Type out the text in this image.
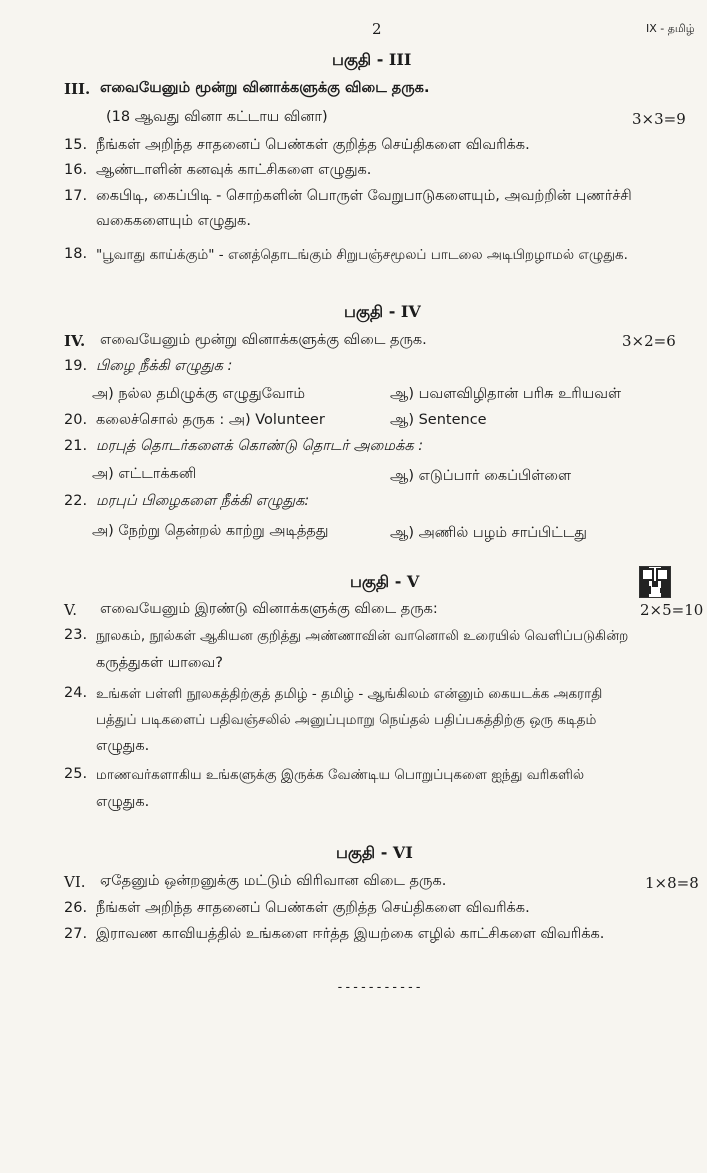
2	IX - தமிழ்
பகுதி - III
III. எவையேனும் மூன்று வினாக்களுக்கு விடை தருக.
(18 ஆவது வினா கட்டாய வினா)	3×3=9
15. நீங்கள் அறிந்த சாதனைப் பெண்கள் குறித்த செய்திகளை விவரிக்க.
16. ஆண்டாளின் கனவுக் காட்சிகளை எழுதுக.
17. கைபிடி, கைப்பிடி - சொற்களின் பொருள் வேறுபாடுகளையும், அவற்றின் புணர்ச்சி
வகைகளையும் எழுதுக.
18. "பூவாது காய்க்கும்" - எனத்தொடங்கும் சிறுபஞ்சமூலப் பாடலை அடிபிறழாமல் எழுதுக.
பகுதி - IV
IV. எவையேனும் மூன்று வினாக்களுக்கு விடை தருக.	3×2=6
19. பிழை நீக்கி எழுதுக :
அ) நல்ல தமிழுக்கு எழுதுவோம்	ஆ) பவளவிழிதான் பரிசு உரியவள்
20. கலைச்சொல் தருக : அ) Volunteer	ஆ) Sentence
21. மரபுத் தொடர்களைக் கொண்டு தொடர் அமைக்க :
அ) எட்டாக்கனி	ஆ) எடுப்பார் கைப்பிள்ளை
22. மரபுப் பிழைகளை நீக்கி எழுதுக:
அ) நேற்று தென்றல் காற்று அடித்தது	ஆ) அணில் பழம் சாப்பிட்டது
பகுதி - V
V. எவையேனும் இரண்டு வினாக்களுக்கு விடை தருக:	2×5=10
23. நூலகம், நூல்கள் ஆகியன குறித்து அண்ணாவின் வானொலி உரையில் வெளிப்படுகின்ற
கருத்துகள் யாவை?
24. உங்கள் பள்ளி நூலகத்திற்குத் தமிழ் - தமிழ் - ஆங்கிலம் என்னும் கையடக்க அகராதி
பத்துப் படிகளைப் பதிவஞ்சலில் அனுப்புமாறு நெய்தல் பதிப்பகத்திற்கு ஒரு கடிதம்
எழுதுக.
25. மாணவர்களாகிய உங்களுக்கு இருக்க வேண்டிய பொறுப்புகளை ஐந்து வரிகளில்
எழுதுக.
பகுதி - VI
VI. ஏதேனும் ஒன்றனுக்கு மட்டும் விரிவான விடை தருக.	1×8=8
26. நீங்கள் அறிந்த சாதனைப் பெண்கள் குறித்த செய்திகளை விவரிக்க.
27. இராவண காவியத்தில் உங்களை ஈர்த்த இயற்கை எழில் காட்சிகளை விவரிக்க.
-----------
